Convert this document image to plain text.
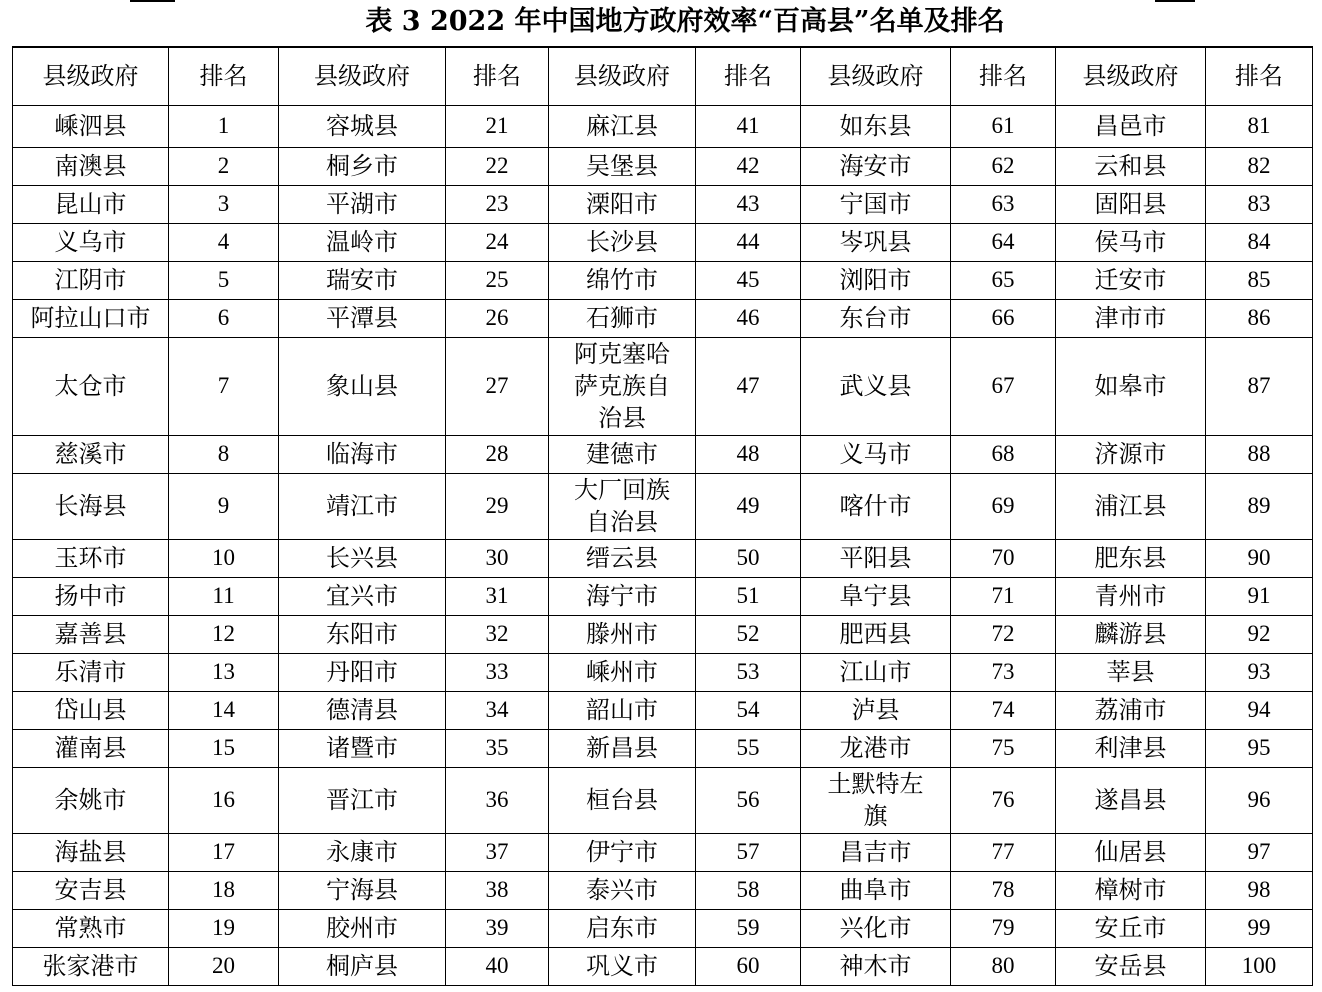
表 3 2022 年中国地方政府效率“百高县”名单及排名
县级政府	排名	县级政府	排名	县级政府	排名	县级政府	排名	县级政府	排名
嵊泗县	1	容城县	21	麻江县	41	如东县	61	昌邑市	81
南澳县	2	桐乡市	22	吴堡县	42	海安市	62	云和县	82
昆山市	3	平湖市	23	溧阳市	43	宁国市	63	固阳县	83
义乌市	4	温岭市	24	长沙县	44	岑巩县	64	侯马市	84
江阴市	5	瑞安市	25	绵竹市	45	浏阳市	65	迁安市	85
阿拉山口市	6	平潭县	26	石狮市	46	东台市	66	津市市	86
太仓市	7	象山县	27	阿克塞哈萨克族自治县	47	武义县	67	如皋市	87
慈溪市	8	临海市	28	建德市	48	义马市	68	济源市	88
长海县	9	靖江市	29	大厂回族自治县	49	喀什市	69	浦江县	89
玉环市	10	长兴县	30	缙云县	50	平阳县	70	肥东县	90
扬中市	11	宜兴市	31	海宁市	51	阜宁县	71	青州市	91
嘉善县	12	东阳市	32	滕州市	52	肥西县	72	麟游县	92
乐清市	13	丹阳市	33	嵊州市	53	江山市	73	莘县	93
岱山县	14	德清县	34	韶山市	54	泸县	74	荔浦市	94
灌南县	15	诸暨市	35	新昌县	55	龙港市	75	利津县	95
余姚市	16	晋江市	36	桓台县	56	土默特左旗	76	遂昌县	96
海盐县	17	永康市	37	伊宁市	57	昌吉市	77	仙居县	97
安吉县	18	宁海县	38	泰兴市	58	曲阜市	78	樟树市	98
常熟市	19	胶州市	39	启东市	59	兴化市	79	安丘市	99
张家港市	20	桐庐县	40	巩义市	60	神木市	80	安岳县	100
